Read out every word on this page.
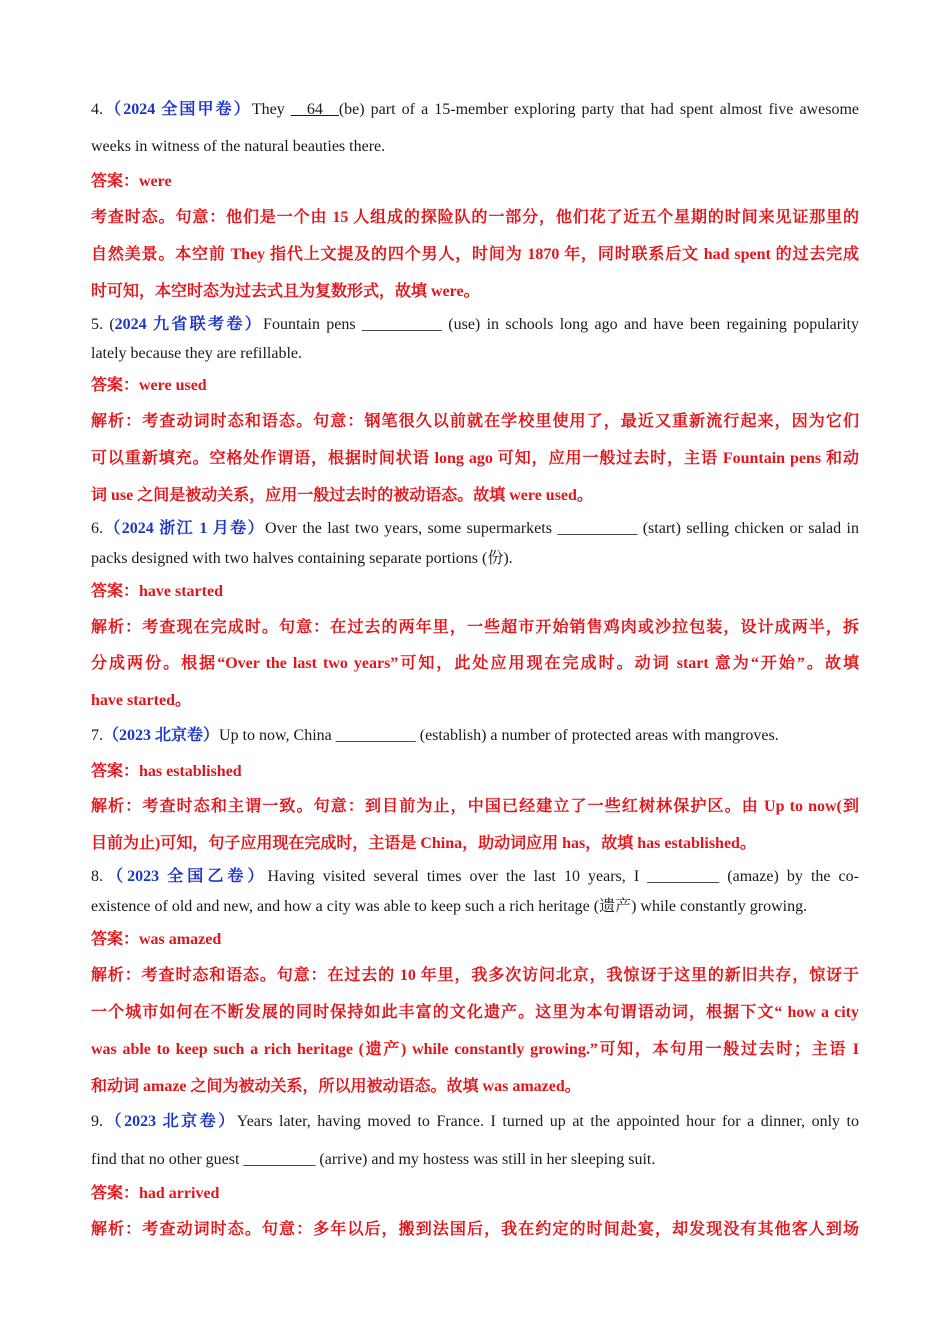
4.（2024 全国甲卷）They __64__(be) part of a 15-member exploring party that had spent almost five awesome
weeks in witness of the natural beauties there.
答案：were
考查时态。句意：他们是一个由 15 人组成的探险队的一部分，他们花了近五个星期的时间来见证那里的
自然美景。本空前 They 指代上文提及的四个男人，时间为 1870 年，同时联系后文 had spent 的过去完成
时可知，本空时态为过去式且为复数形式，故填 were。
5. (2024 九省联考卷）Fountain pens __________ (use) in schools long ago and have been regaining popularity
lately because they are refillable.
答案：were used
解析：考查动词时态和语态。句意：钢笔很久以前就在学校里使用了，最近又重新流行起来，因为它们
可以重新填充。空格处作谓语，根据时间状语 long ago 可知，应用一般过去时，主语 Fountain pens 和动
词 use 之间是被动关系，应用一般过去时的被动语态。故填 were used。
6.（2024 浙江 1 月卷）Over the last two years, some supermarkets __________ (start) selling chicken or salad in
packs designed with two halves containing separate portions (份).
答案：have started
解析：考查现在完成时。句意：在过去的两年里，一些超市开始销售鸡肉或沙拉包装，设计成两半，拆
分成两份。根据“Over the last two years”可知，此处应用现在完成时。动词 start 意为“开始”。故填
have started。
7.（2023 北京卷）Up to now, China __________ (establish) a number of protected areas with mangroves.
答案：has established
解析：考查时态和主谓一致。句意：到目前为止，中国已经建立了一些红树林保护区。由 Up to now(到
目前为止)可知，句子应用现在完成时，主语是 China，助动词应用 has，故填 has established。
8.（2023 全国乙卷）Having visited several times over the last 10 years, I _________ (amaze) by the co-
existence of old and new, and how a city was able to keep such a rich heritage (遗产) while constantly growing.
答案：was amazed
解析：考查时态和语态。句意：在过去的 10 年里，我多次访问北京，我惊讶于这里的新旧共存，惊讶于
一个城市如何在不断发展的同时保持如此丰富的文化遗产。这里为本句谓语动词，根据下文“ how a city
was able to keep such a rich heritage (遗产) while constantly growing.”可知，本句用一般过去时；主语 I
和动词 amaze 之间为被动关系，所以用被动语态。故填 was amazed。
9.（2023 北京卷）Years later, having moved to France. I turned up at the appointed hour for a dinner, only to
find that no other guest _________ (arrive) and my hostess was still in her sleeping suit.
答案：had arrived
解析：考查动词时态。句意：多年以后，搬到法国后，我在约定的时间赴宴，却发现没有其他客人到场
